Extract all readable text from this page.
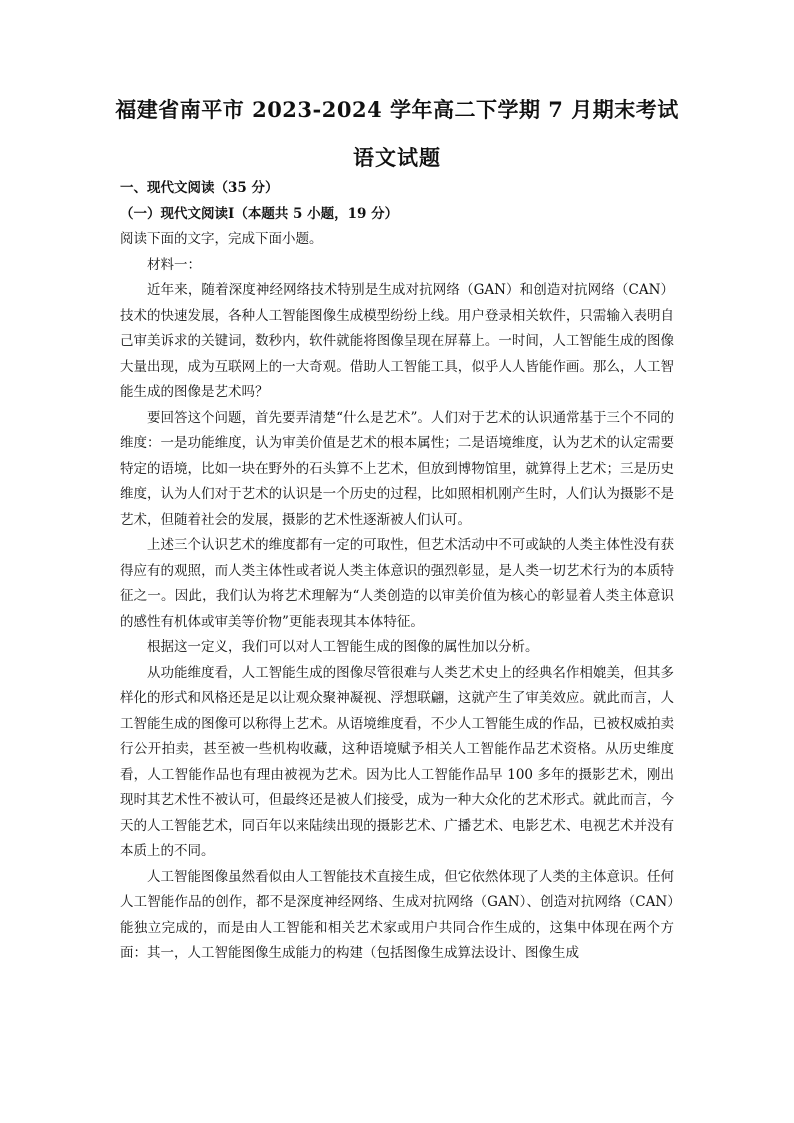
福建省南平市 2023-2024 学年高二下学期 7 月期末考试
语文试题
一、现代文阅读（35 分）
（一）现代文阅读Ⅰ（本题共 5 小题，19 分）
阅读下面的文字，完成下面小题。
材料一：

近年来，随着深度神经网络技术特别是生成对抗网络（GAN）和创造对抗网络（CAN）技术的快速发展，各种人工智能图像生成模型纷纷上线。用户登录相关软件，只需输入表明自己审美诉求的关键词，数秒内，软件就能将图像呈现在屏幕上。一时间，人工智能生成的图像大量出现，成为互联网上的一大奇观。借助人工智能工具，似乎人人皆能作画。那么，人工智能生成的图像是艺术吗？

要回答这个问题，首先要弄清楚“什么是艺术”。人们对于艺术的认识通常基于三个不同的维度：一是功能维度，认为审美价值是艺术的根本属性；二是语境维度，认为艺术的认定需要特定的语境，比如一块在野外的石头算不上艺术，但放到博物馆里，就算得上艺术；三是历史维度，认为人们对于艺术的认识是一个历史的过程，比如照相机刚产生时，人们认为摄影不是艺术，但随着社会的发展，摄影的艺术性逐渐被人们认可。

上述三个认识艺术的维度都有一定的可取性，但艺术活动中不可或缺的人类主体性没有获得应有的观照，而人类主体性或者说人类主体意识的强烈彰显，是人类一切艺术行为的本质特征之一。因此，我们认为将艺术理解为“人类创造的以审美价值为核心的彰显着人类主体意识的感性有机体或审美等价物”更能表现其本体特征。

根据这一定义，我们可以对人工智能生成的图像的属性加以分析。

从功能维度看，人工智能生成的图像尽管很难与人类艺术史上的经典名作相媲美，但其多样化的形式和风格还是足以让观众聚神凝视、浮想联翩，这就产生了审美效应。就此而言，人工智能生成的图像可以称得上艺术。从语境维度看，不少人工智能生成的作品，已被权威拍卖行公开拍卖，甚至被一些机构收藏，这种语境赋予相关人工智能作品艺术资格。从历史维度看，人工智能作品也有理由被视为艺术。因为比人工智能作品早 100 多年的摄影艺术，刚出现时其艺术性不被认可，但最终还是被人们接受，成为一种大众化的艺术形式。就此而言，今天的人工智能艺术，同百年以来陆续出现的摄影艺术、广播艺术、电影艺术、电视艺术并没有本质上的不同。

人工智能图像虽然看似由人工智能技术直接生成，但它依然体现了人类的主体意识。任何人工智能作品的创作，都不是深度神经网络、生成对抗网络（GAN）、创造对抗网络（CAN）能独立完成的，而是由人工智能和相关艺术家或用户共同合作生成的，这集中体现在两个方面：其一，人工智能图像生成能力的构建（包括图像生成算法设计、图像生成
